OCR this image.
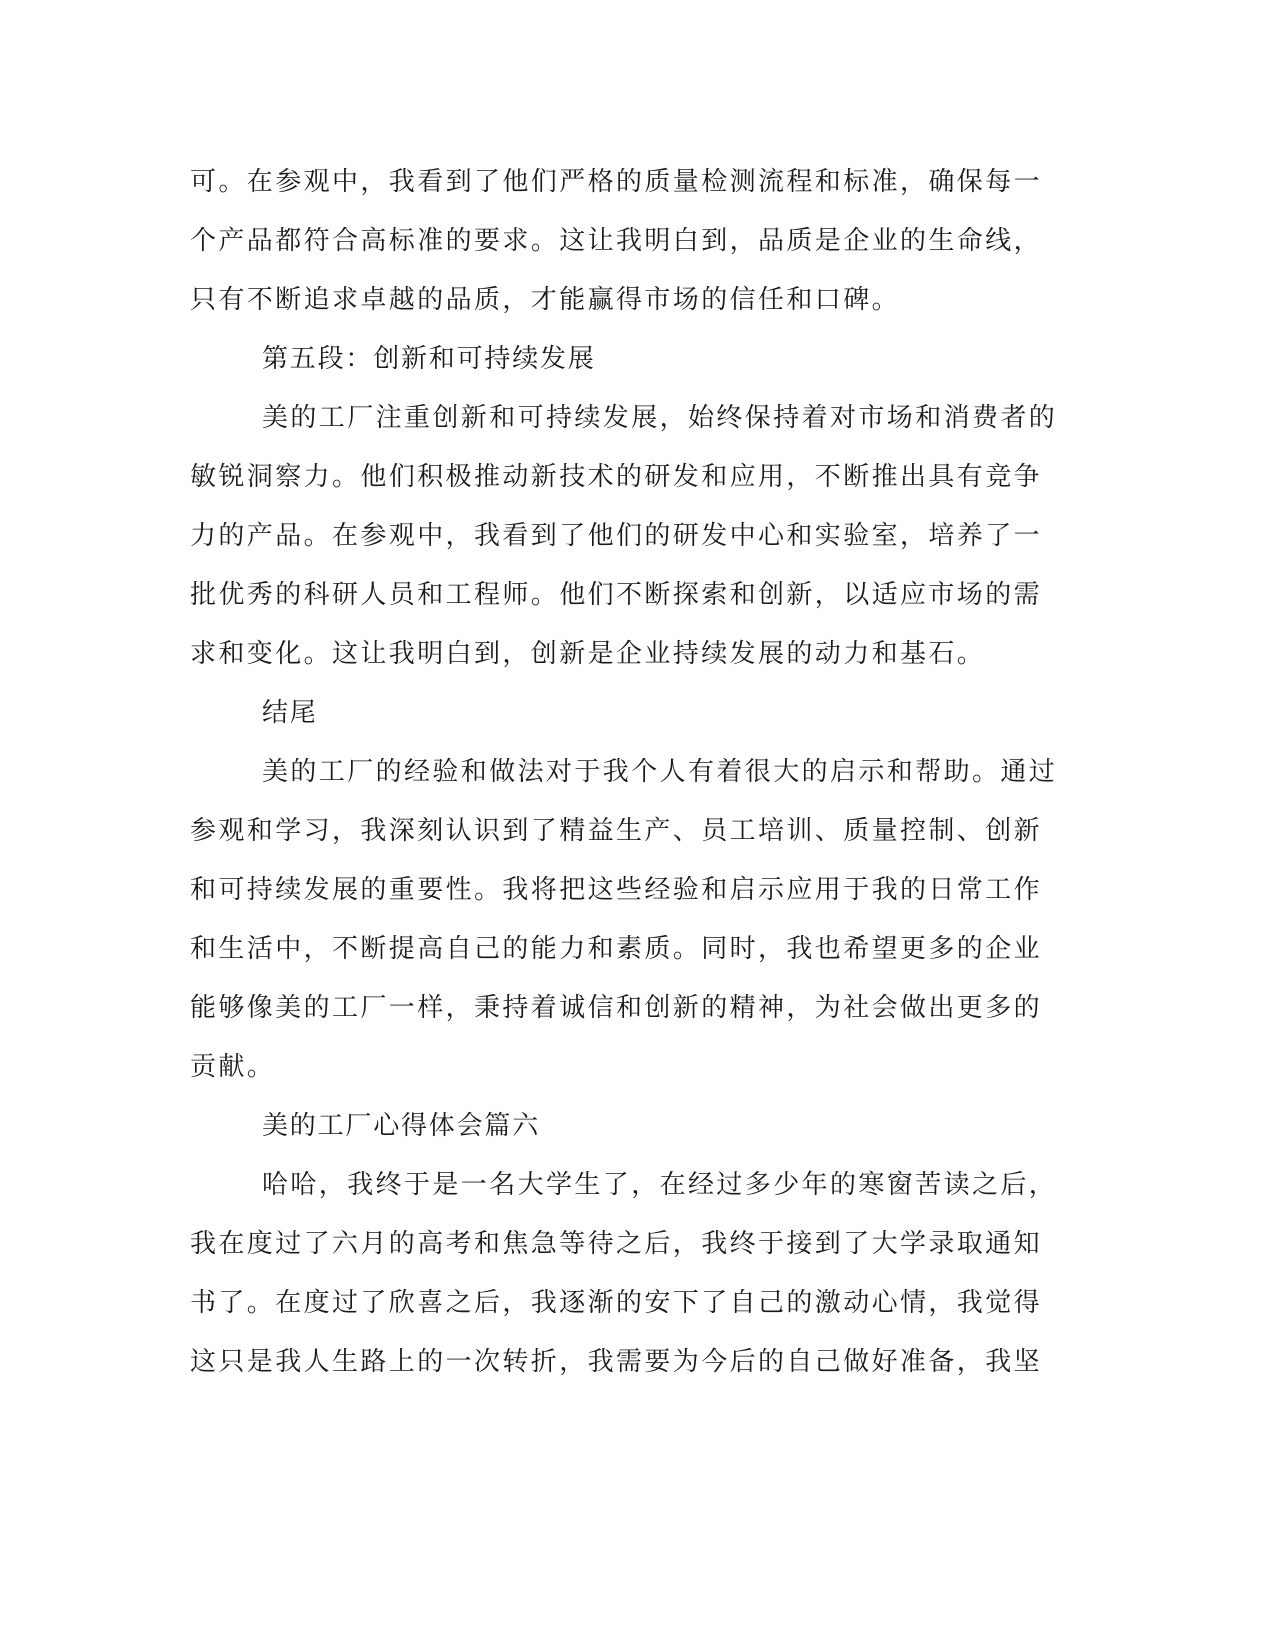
可。在参观中，我看到了他们严格的质量检测流程和标准，确保每一
个产品都符合高标准的要求。这让我明白到，品质是企业的生命线，
只有不断追求卓越的品质，才能赢得市场的信任和口碑。
第五段：创新和可持续发展
美的工厂注重创新和可持续发展，始终保持着对市场和消费者的
敏锐洞察力。他们积极推动新技术的研发和应用，不断推出具有竞争
力的产品。在参观中，我看到了他们的研发中心和实验室，培养了一
批优秀的科研人员和工程师。他们不断探索和创新，以适应市场的需
求和变化。这让我明白到，创新是企业持续发展的动力和基石。
结尾
美的工厂的经验和做法对于我个人有着很大的启示和帮助。通过
参观和学习，我深刻认识到了精益生产、员工培训、质量控制、创新
和可持续发展的重要性。我将把这些经验和启示应用于我的日常工作
和生活中，不断提高自己的能力和素质。同时，我也希望更多的企业
能够像美的工厂一样，秉持着诚信和创新的精神，为社会做出更多的
贡献。
美的工厂心得体会篇六
哈哈，我终于是一名大学生了，在经过多少年的寒窗苦读之后，
我在度过了六月的高考和焦急等待之后，我终于接到了大学录取通知
书了。在度过了欣喜之后，我逐渐的安下了自己的激动心情，我觉得
这只是我人生路上的一次转折，我需要为今后的自己做好准备，我坚
